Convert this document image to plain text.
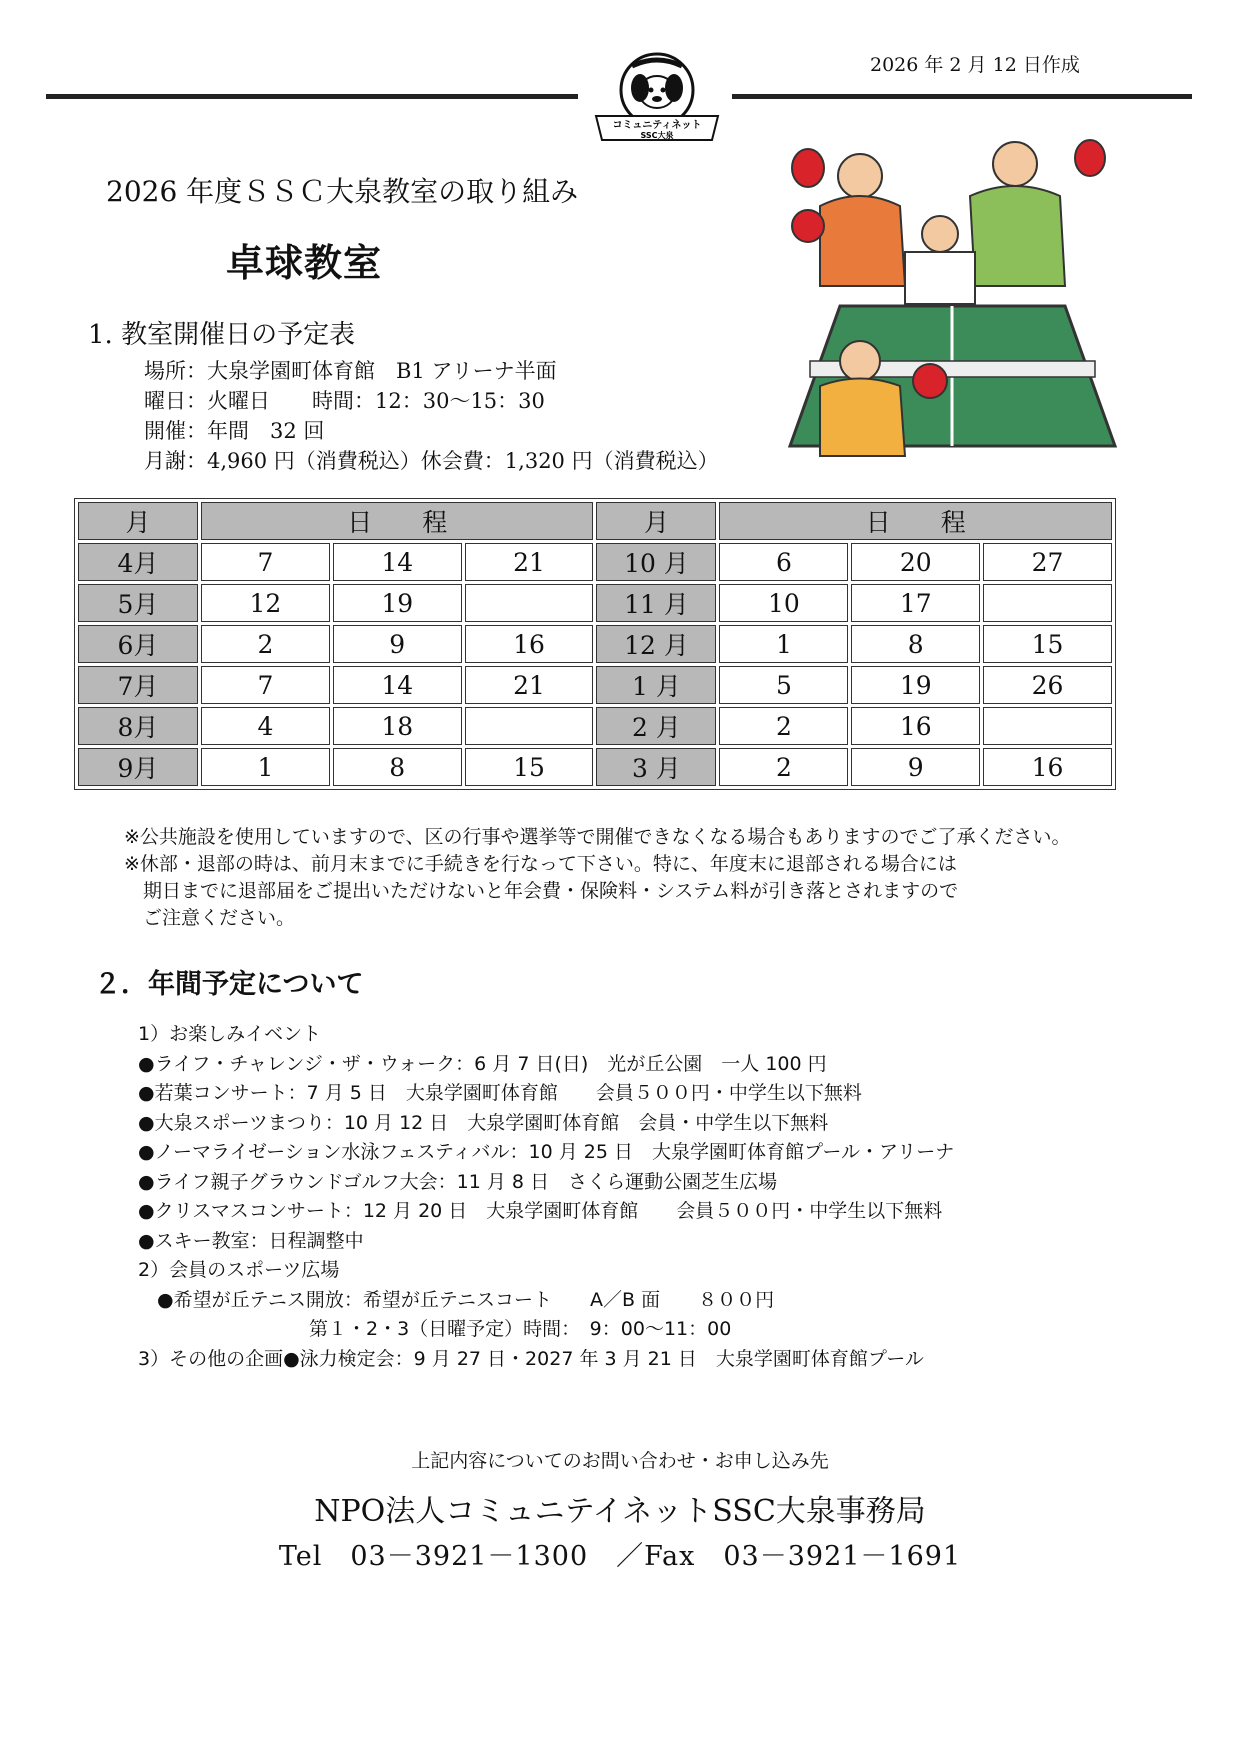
2026 年 2 月 12 日作成
コミュニティネット
SSC大泉
2026 年度ＳＳＣ大泉教室の取り組み
卓球教室
1. 教室開催日の予定表
場所：大泉学園町体育館　B1 アリーナ半面
曜日：火曜日　　時間：12：30～15：30
開催：年間　32 回
月謝：4,960 円（消費税込）休会費：1,320 円（消費税込）
月	日　　程			月	日　　程		
4月	7	14	21	10 月	6	20	27
5月	12	19		11 月	10	17	
6月	2	9	16	12 月	1	8	15
7月	7	14	21	1 月	5	19	26
8月	4	18		2 月	2	16	
9月	1	8	15	3 月	2	9	16
※公共施設を使用していますので、区の行事や選挙等で開催できなくなる場合もありますのでご了承ください。
※休部・退部の時は、前月末までに手続きを行なって下さい。特に、年度末に退部される場合には
　期日までに退部届をご提出いただけないと年会費・保険料・システム料が引き落とされますので
　ご注意ください。
２．年間予定について
1）お楽しみイベント
●ライフ・チャレンジ・ザ・ウォーク：6 月 7 日(日)　光が丘公園　一人 100 円
●若葉コンサート：7 月 5 日　大泉学園町体育館　　会員５００円・中学生以下無料
●大泉スポーツまつり：10 月 12 日　大泉学園町体育館　会員・中学生以下無料
●ノーマライゼーション水泳フェスティバル：10 月 25 日　大泉学園町体育館プール・アリーナ
●ライフ親子グラウンドゴルフ大会：11 月 8 日　さくら運動公園芝生広場
●クリスマスコンサート：12 月 20 日　大泉学園町体育館　　会員５００円・中学生以下無料
●スキー教室：日程調整中
2）会員のスポーツ広場
　●希望が丘テニス開放：希望が丘テニスコート　　A／B 面　　８００円
　　　　　　　　　第１・2・3（日曜予定）時間：　9：00～11：00
3）その他の企画●泳力検定会：9 月 27 日・2027 年 3 月 21 日　大泉学園町体育館プール
上記内容についてのお問い合わせ・お申し込み先
NPO法人コミュニテイネットSSC大泉事務局
Tel　03－3921－1300　／Fax　03－3921－1691
